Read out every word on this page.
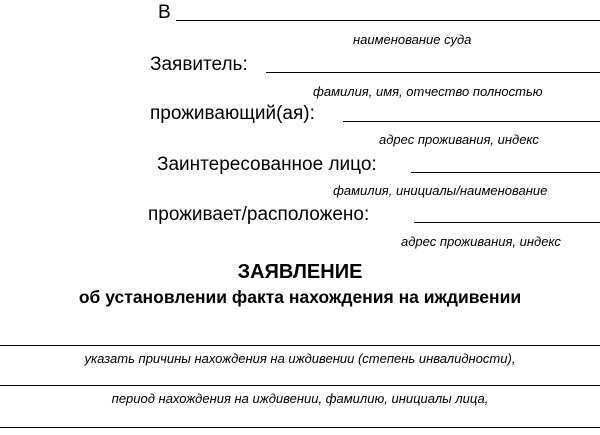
В
наименование суда
Заявитель:
фамилия, имя, отчество полностью
проживающий(ая):
адрес проживания, индекс
Заинтересованное лицо:
фамилия, инициалы/наименование
проживает/расположено:
адрес проживания, индекс
ЗАЯВЛЕНИЕ
об установлении факта нахождения на иждивении
указать причины нахождения на иждивении (степень инвалидности),
период нахождения на иждивении, фамилию, инициалы лица,
